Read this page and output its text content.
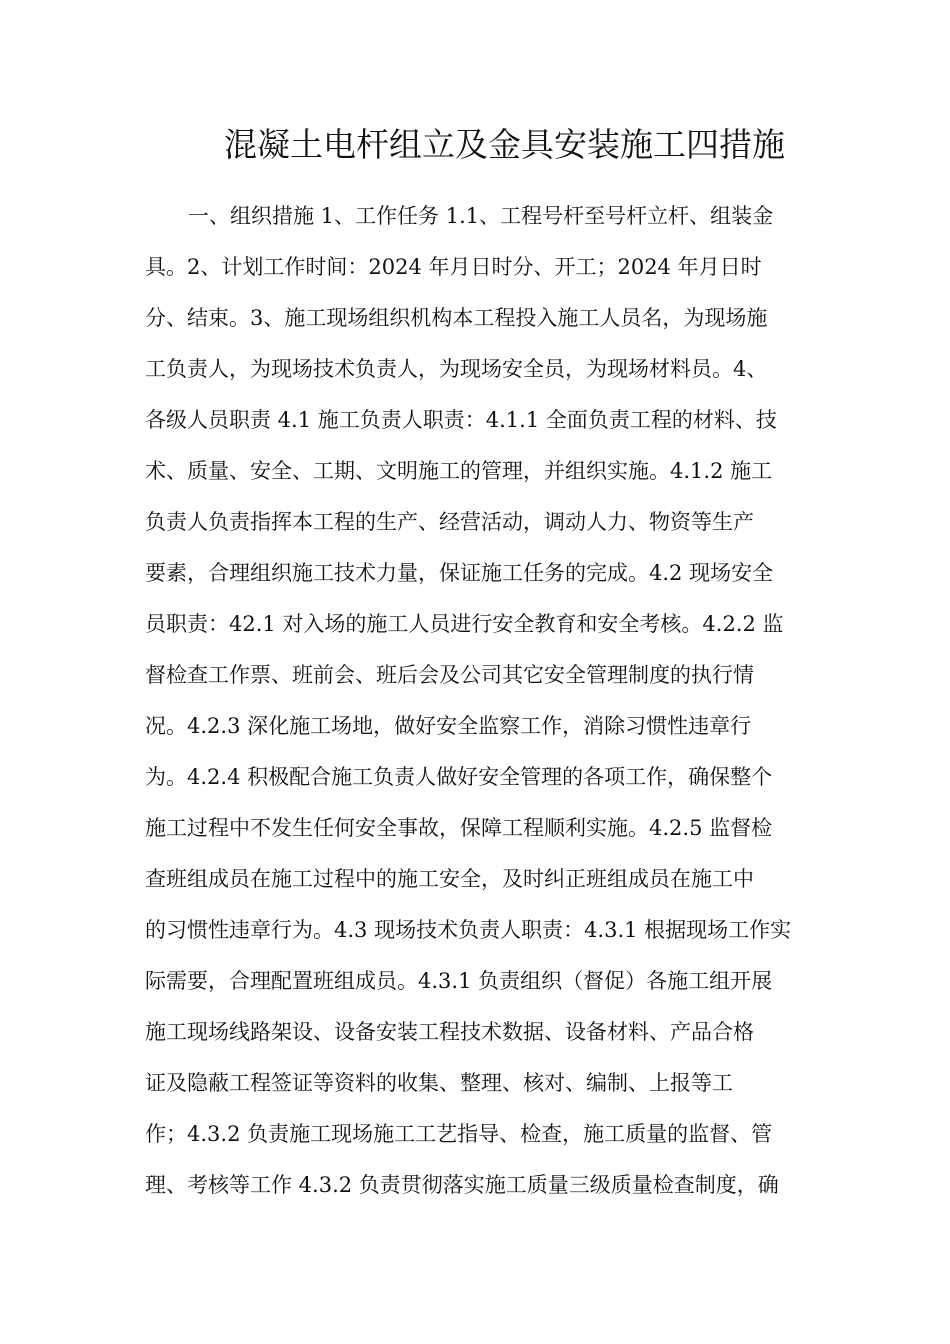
混凝土电杆组立及金具安装施工四措施
一、组织措施 1、工作任务 1.1、工程号杆至号杆立杆、组装金
具。2、计划工作时间：2024 年月日时分、开工；2024 年月日时
分、结束。3、施工现场组织机构本工程投入施工人员名，为现场施
工负责人，为现场技术负责人，为现场安全员，为现场材料员。4、
各级人员职责 4.1 施工负责人职责：4.1.1 全面负责工程的材料、技
术、质量、安全、工期、文明施工的管理，并组织实施。4.1.2 施工
负责人负责指挥本工程的生产、经营活动，调动人力、物资等生产
要素，合理组织施工技术力量，保证施工任务的完成。4.2 现场安全
员职责：42.1 对入场的施工人员进行安全教育和安全考核。4.2.2 监
督检查工作票、班前会、班后会及公司其它安全管理制度的执行情
况。4.2.3 深化施工场地，做好安全监察工作，消除习惯性违章行
为。4.2.4 积极配合施工负责人做好安全管理的各项工作，确保整个
施工过程中不发生任何安全事故，保障工程顺利实施。4.2.5 监督检
查班组成员在施工过程中的施工安全，及时纠正班组成员在施工中
的习惯性违章行为。4.3 现场技术负责人职责：4.3.1 根据现场工作实
际需要，合理配置班组成员。4.3.1 负责组织（督促）各施工组开展
施工现场线路架设、设备安装工程技术数据、设备材料、产品合格
证及隐蔽工程签证等资料的收集、整理、核对、编制、上报等工
作；4.3.2 负责施工现场施工工艺指导、检查，施工质量的监督、管
理、考核等工作 4.3.2 负责贯彻落实施工质量三级质量检查制度，确
